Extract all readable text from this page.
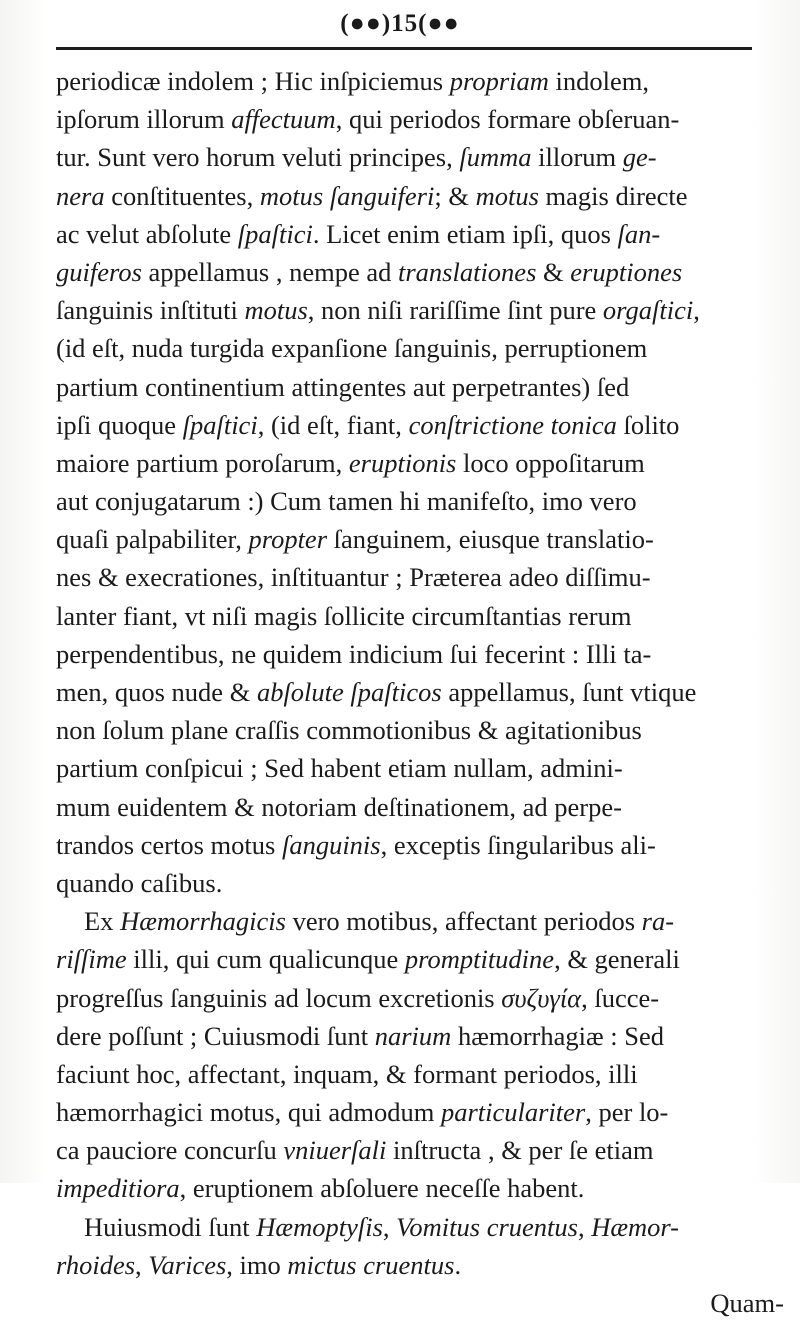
(●●)15(●●
periodicæ indolem ; Hic inſpiciemus propriam indolem,
ipſorum illorum affectuum, qui periodos formare obſeruan-
tur. Sunt vero horum veluti principes, ſumma illorum ge-
nera conſtituentes, motus ſanguiferi; & motus magis directe
ac velut abſolute ſpaſtici. Licet enim etiam ipſi, quos ſan-
guiferos appellamus , nempe ad translationes & eruptiones
ſanguinis inſtituti motus, non niſi rariſſime ſint pure orgaſtici,
(id eſt, nuda turgida expanſione ſanguinis, perruptionem
partium continentium attingentes aut perpetrantes) ſed
ipſi quoque ſpaſtici, (id eſt, fiant, conſtrictione tonica ſolito
maiore partium poroſarum, eruptionis loco oppoſitarum
aut conjugatarum :) Cum tamen hi manifeſto, imo vero
quaſi palpabiliter, propter ſanguinem, eiusque translatio-
nes & execrationes, inſtituantur ; Præterea adeo diſſimu-
lanter fiant, vt niſi magis ſollicite circumſtantias rerum
perpendentibus, ne quidem indicium ſui fecerint : Illi ta-
men, quos nude & abſolute ſpaſticos appellamus, ſunt vtique
non ſolum plane craſſis commotionibus & agitationibus
partium conſpicui ; Sed habent etiam nullam, admini-
mum euidentem & notoriam deſtinationem, ad perpe-
trandos certos motus ſanguinis, exceptis ſingularibus ali-
quando caſibus.
Ex Hæmorrhagicis vero motibus, affectant periodos ra-
riſſime illi, qui cum qualicunque promptitudine, & generali
progreſſus ſanguinis ad locum excretionis συζυγία, ſucce-
dere poſſunt ; Cuiusmodi ſunt narium hæmorrhagiæ : Sed
faciunt hoc, affectant, inquam, & formant periodos, illi
hæmorrhagici motus, qui admodum particulariter, per lo-
ca pauciore concurſu vniuerſali inſtructa , & per ſe etiam
impeditiora, eruptionem abſoluere neceſſe habent.
Huiusmodi ſunt Hæmoptyſis, Vomitus cruentus, Hæmor-
rhoides, Varices, imo mictus cruentus.
Quam-
